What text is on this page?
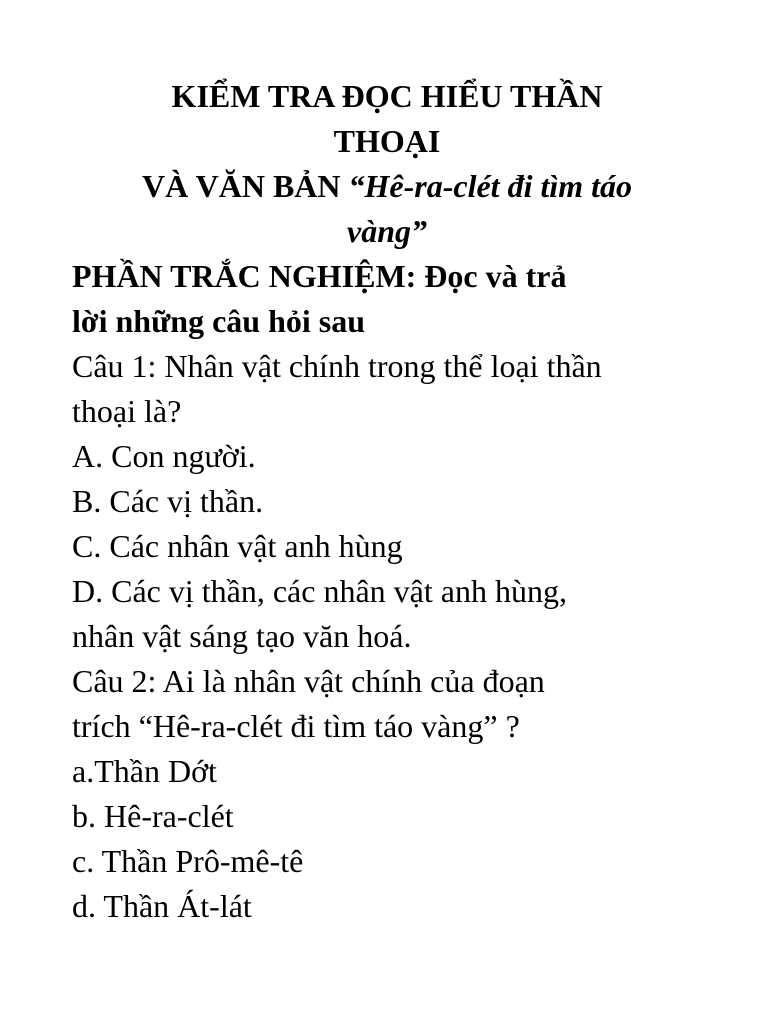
KIỂM TRA ĐỌC HIỂU THẦN
THOẠI
VÀ VĂN BẢN “Hê-ra-clét đi tìm táo
vàng”
PHẦN TRẮC NGHIỆM: Đọc và trả
lời những câu hỏi sau
Câu 1: Nhân vật chính trong thể loại thần
thoại là?
A. Con người.
B. Các vị thần.
C. Các nhân vật anh hùng
D. Các vị thần, các nhân vật anh hùng,
nhân vật sáng tạo văn hoá.
Câu 2: Ai là nhân vật chính của đoạn
trích “Hê-ra-clét đi tìm táo vàng” ?
a.Thần Dớt
b. Hê-ra-clét
c. Thần Prô-mê-tê
d. Thần Át-lát
